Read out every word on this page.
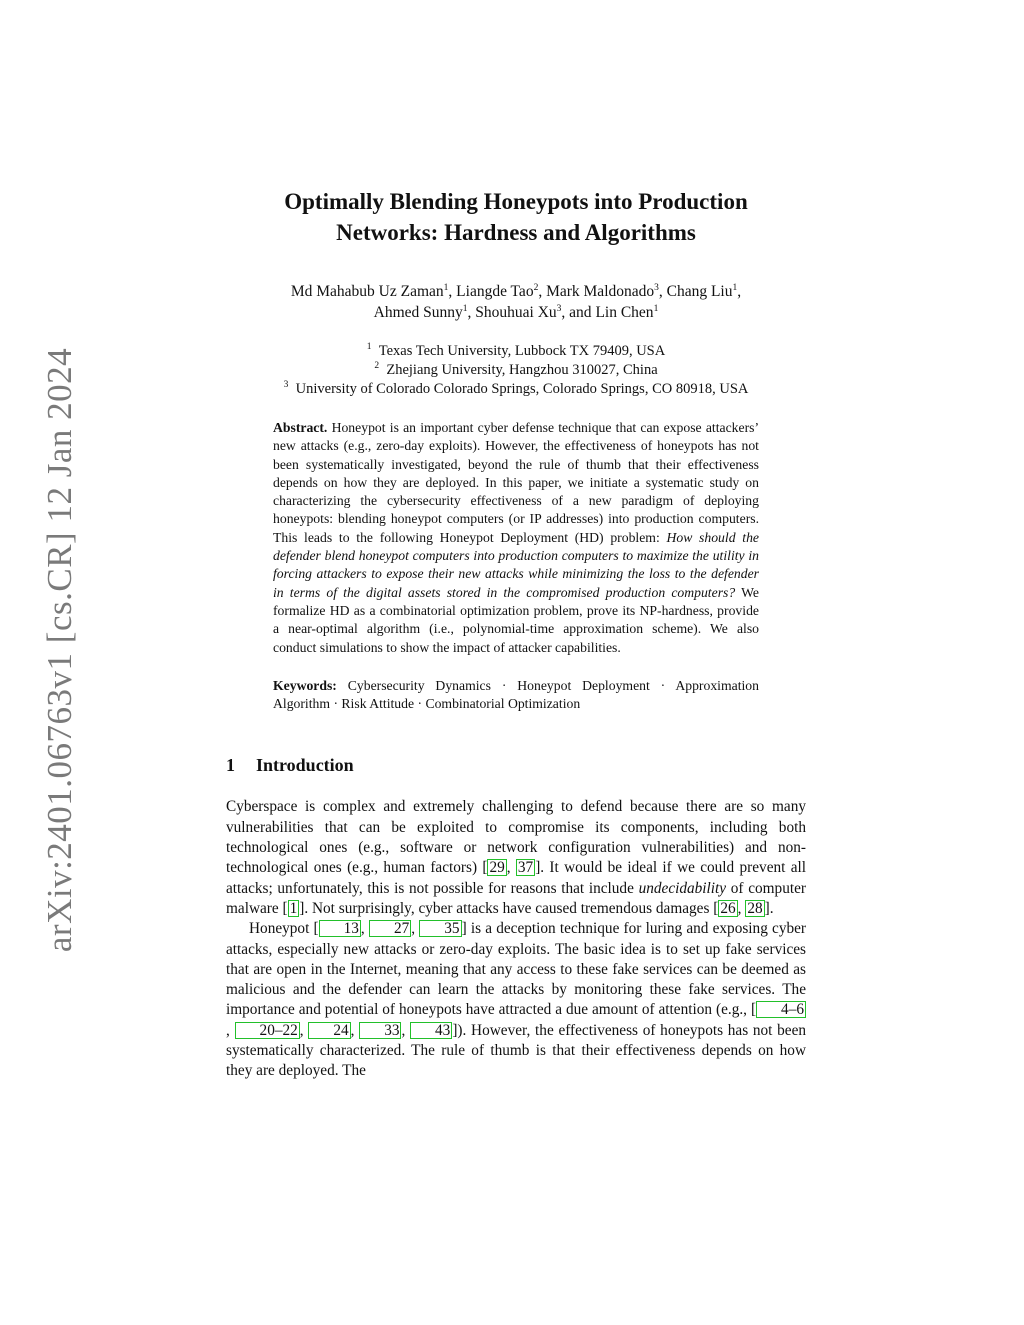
arXiv:2401.06763v1 [cs.CR] 12 Jan 2024
Optimally Blending Honeypots into Production
Networks: Hardness and Algorithms
Md Mahabub Uz Zaman$^1$, Liangde Tao$^2$, Mark Maldonado$^3$, Chang Liu$^1$,
Ahmed Sunny$^1$, Shouhuai Xu$^3$, and Lin Chen$^1$
$^1$ Texas Tech University, Lubbock TX 79409, USA
$^2$ Zhejiang University, Hangzhou 310027, China
$^3$ University of Colorado Colorado Springs, Colorado Springs, CO 80918, USA
Abstract. Honeypot is an important cyber defense technique that can expose attackers’ new attacks (e.g., zero-day exploits). However, the effectiveness of honeypots has not been systematically investigated, beyond the rule of thumb that their effectiveness depends on how they are deployed. In this paper, we initiate a systematic study on characterizing the cybersecurity effectiveness of a new paradigm of deploying honeypots: blending honeypot computers (or IP addresses) into production computers. This leads to the following Honeypot Deployment (HD) problem: How should the defender blend honeypot computers into production computers to maximize the utility in forcing attackers to expose their new attacks while minimizing the loss to the defender in terms of the digital assets stored in the compromised production computers? We formalize HD as a combinatorial optimization problem, prove its NP-hardness, provide a near-optimal algorithm (i.e., polynomial-time approximation scheme). We also conduct simulations to show the impact of attacker capabilities.
Keywords: Cybersecurity Dynamics · Honeypot Deployment · Approximation Algorithm · Risk Attitude · Combinatorial Optimization
1 Introduction

Cyberspace is complex and extremely challenging to defend because there are so many vulnerabilities that can be exploited to compromise its components, including both technological ones (e.g., software or network configuration vulnerabilities) and non-technological ones (e.g., human factors) [ 29 , 37 ]. It would be ideal if we could prevent all attacks; unfortunately, this is not possible for reasons that include undecidability of computer malware [ 1 ]. Not surprisingly, cyber attacks have caused tremendous damages [ 26 , 28 ].

Honeypot [ 13 , 27 , 35 ] is a deception technique for luring and exposing cyber attacks, especially new attacks or zero-day exploits. The basic idea is to set up fake services that are open in the Internet, meaning that any access to these fake services can be deemed as malicious and the defender can learn the attacks by monitoring these fake services. The importance and potential of honeypots have attracted a due amount of attention (e.g., [ 4–6, 20–22 , 24 , 33 , 43 ]). However, the effectiveness of honeypots has not been systematically characterized. The rule of thumb is that their effectiveness depends on how they are deployed. The
